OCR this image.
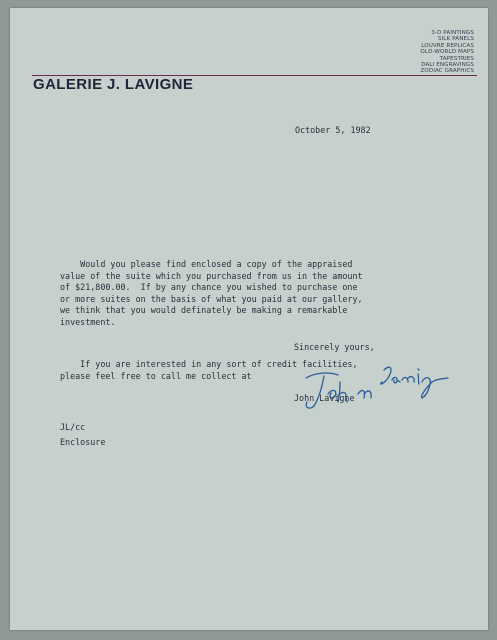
3-D PAINTINGS
SILK PANELS
LOUVRE REPLICAS
OLD-WORLD MAPS
TAPESTRIES
DALI ENGRAVINGS
ZODIAC GRAPHICS
GALERIE J. LAVIGNE
October 5, 1982

Would you please find enclosed a copy of the appraised
value of the suite which you purchased from us in the amount
of $21,800.00.  If by any chance you wished to purchase one
or more suites on the basis of what you paid at our gallery,
we think that you would definately be making a remarkable
investment.

If you are interested in any sort of credit facilities,
please feel free to call me collect at

Sincerely yours,
John Lavigne
JL/cc
Enclosure
